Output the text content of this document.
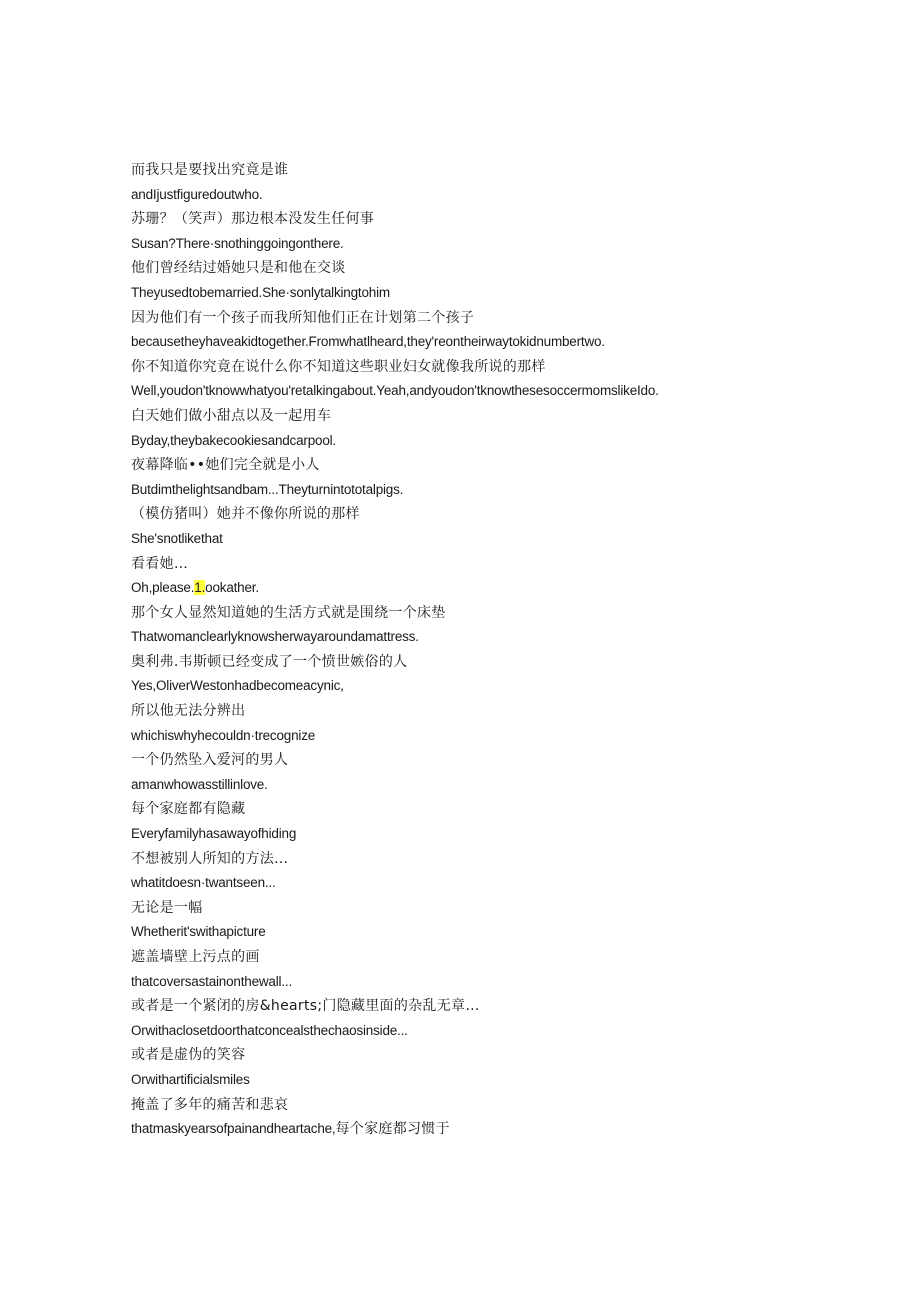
而我只是要找出究竟是谁
andIjustfiguredoutwho.
苏珊？（笑声）那边根本没发生任何事
Susan?There·snothinggoingonthere.
他们曾经结过婚她只是和他在交谈
Theyusedtobemarried.She·sonlytalkingtohim
因为他们有一个孩子而我所知他们正在计划第二个孩子
becausetheyhaveakidtogether.Fromwhatlheard,they'reontheirwaytokidnumbertwo.
你不知道你究竟在说什么你不知道这些职业妇女就像我所说的那样
Well,youdon'tknowwhatyou'retalkingabout.Yeah,andyoudon'tknowthesesoccermomslikeIdo.
白天她们做小甜点以及一起用车
Byday,theybakecookiesandcarpool.
夜幕降临••她们完全就是小人
Butdimthelightsandbam...Theyturnintototalpigs.
（模仿猪叫）她并不像你所说的那样
She'snotlikethat
看看她…
Oh,please.1.ookather.
那个女人显然知道她的生活方式就是围绕一个床垫
Thatwomanclearlyknowsherwayaroundamattress.
奥利弗.韦斯顿已经变成了一个愤世嫉俗的人
Yes,OliverWestonhadbecomeacynic,
所以他无法分辨出
whichiswhyhecouldn·trecognize
一个仍然坠入爱河的男人
amanwhowasstillinlove.
每个家庭都有隐藏
Everyfamilyhasawayofhiding
不想被别人所知的方法…
whatitdoesn·twantseen...
无论是一幅
Whetherit'swithapicture
遮盖墙壁上污点的画
thatcoversastainonthewall...
或者是一个紧闭的房&hearts;门隐藏里面的杂乱无章…
Orwithaclosetdoorthatconcealsthechaosinside...
或者是虚伪的笑容
Orwithartificialsmiles
掩盖了多年的痛苦和悲哀
thatmaskyearsofpainandheartache,每个家庭都习惯于
